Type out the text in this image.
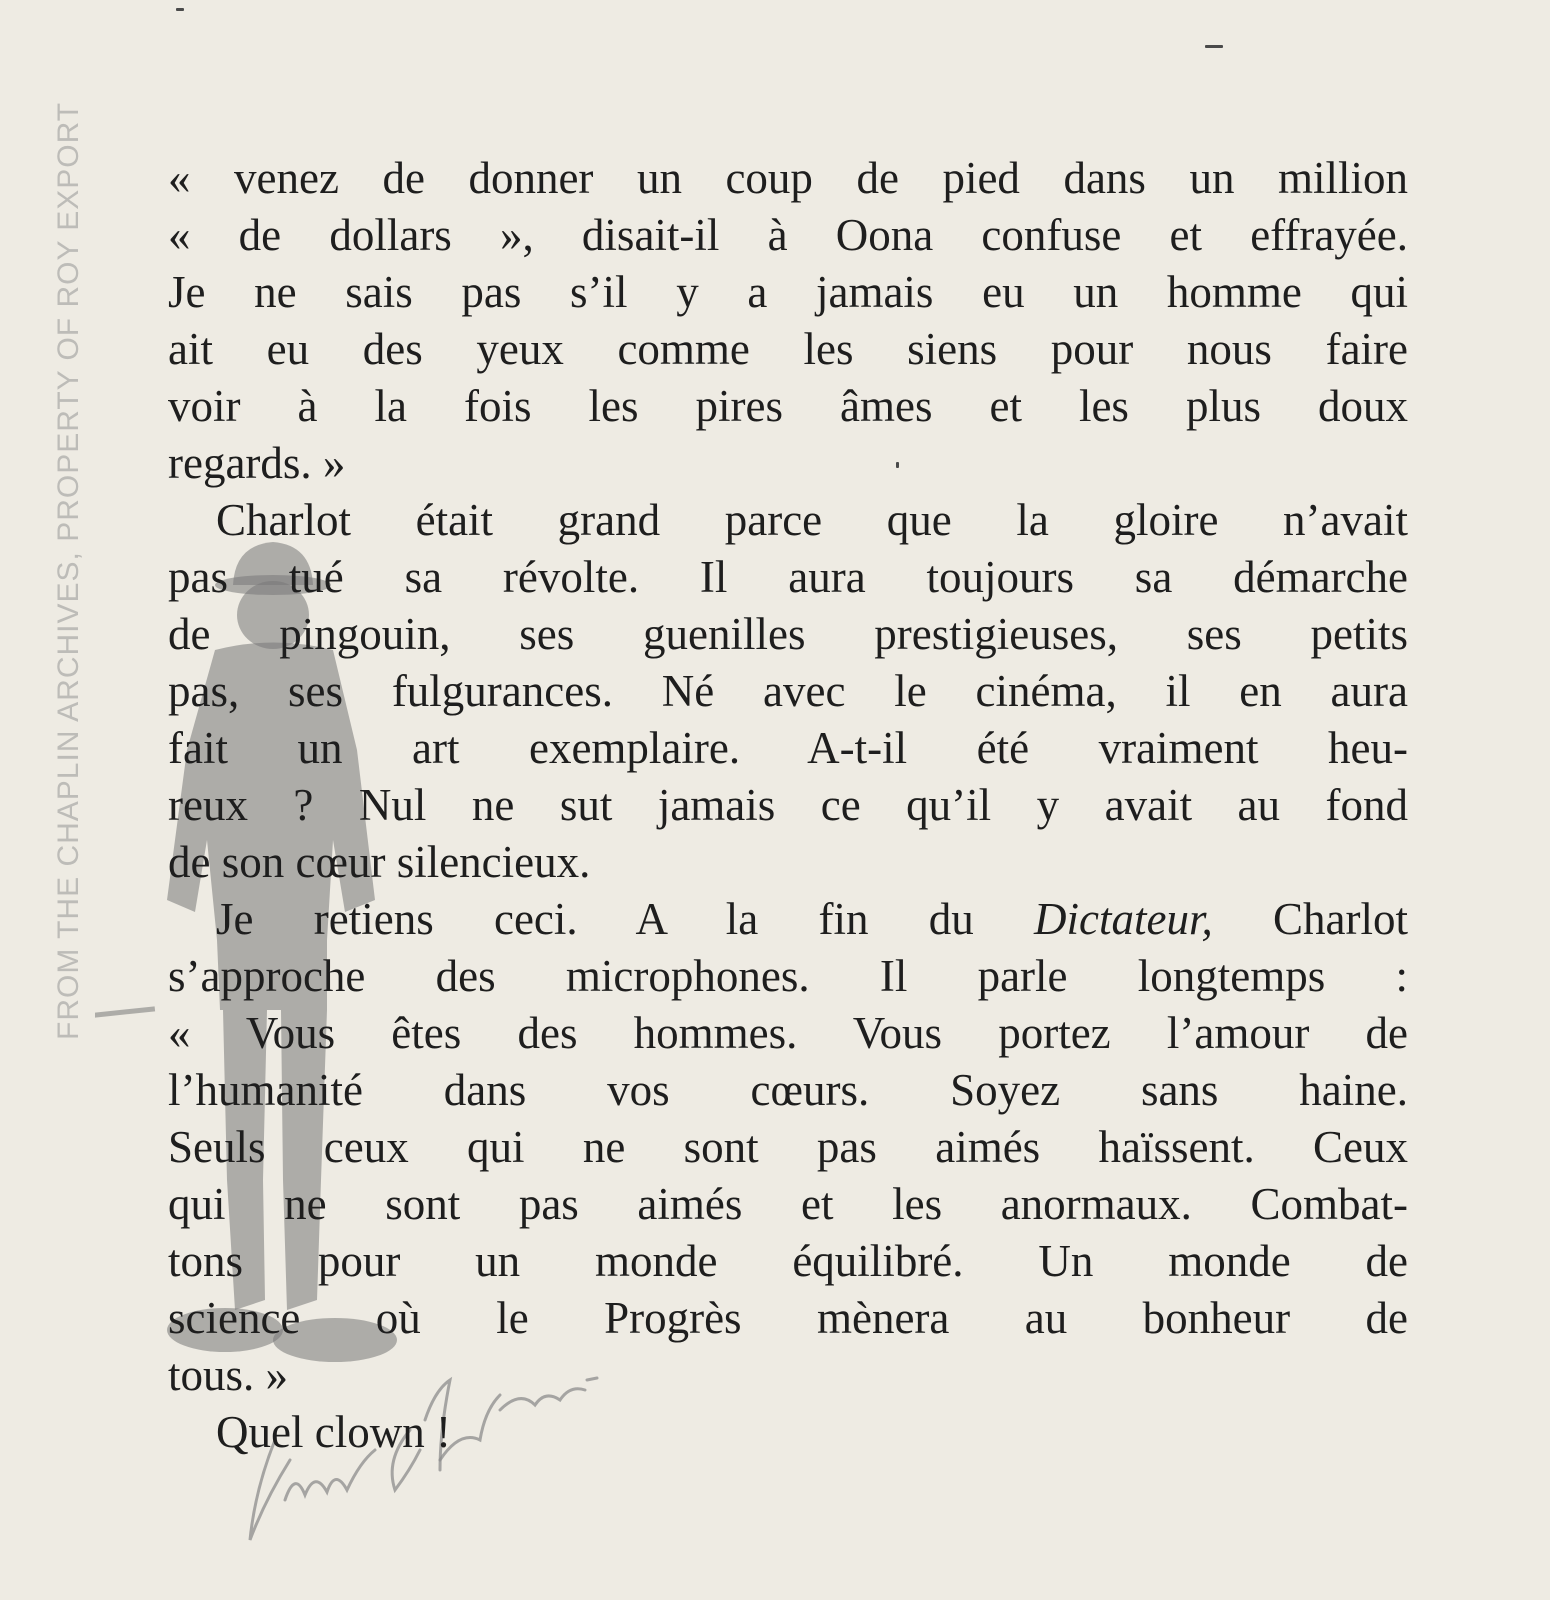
FROM THE CHAPLIN ARCHIVES, PROPERTY OF ROY EXPORT « venez de donner un coup de pied dans un million
« de dollars », disait-il à Oona confuse et effrayée.
Je ne sais pas s’il y a jamais eu un homme qui
ait eu des yeux comme les siens pour nous faire
voir à la fois les pires âmes et les plus doux
regards. »
Charlot était grand parce que la gloire n’avait
pas tué sa révolte. Il aura toujours sa démarche
de pingouin, ses guenilles prestigieuses, ses petits
pas, ses fulgurances. Né avec le cinéma, il en aura
fait un art exemplaire. A-t-il été vraiment heu-
reux ? Nul ne sut jamais ce qu’il y avait au fond
de son cœur silencieux.
Je retiens ceci. A la fin du Dictateur, Charlot
s’approche des microphones. Il parle longtemps :
« Vous êtes des hommes. Vous portez l’amour de
l’humanité dans vos cœurs. Soyez sans haine.
Seuls ceux qui ne sont pas aimés haïssent. Ceux
qui ne sont pas aimés et les anormaux. Combat-
tons pour un monde équilibré. Un monde de
science où le Progrès mènera au bonheur de
tous. »
Quel clown !
